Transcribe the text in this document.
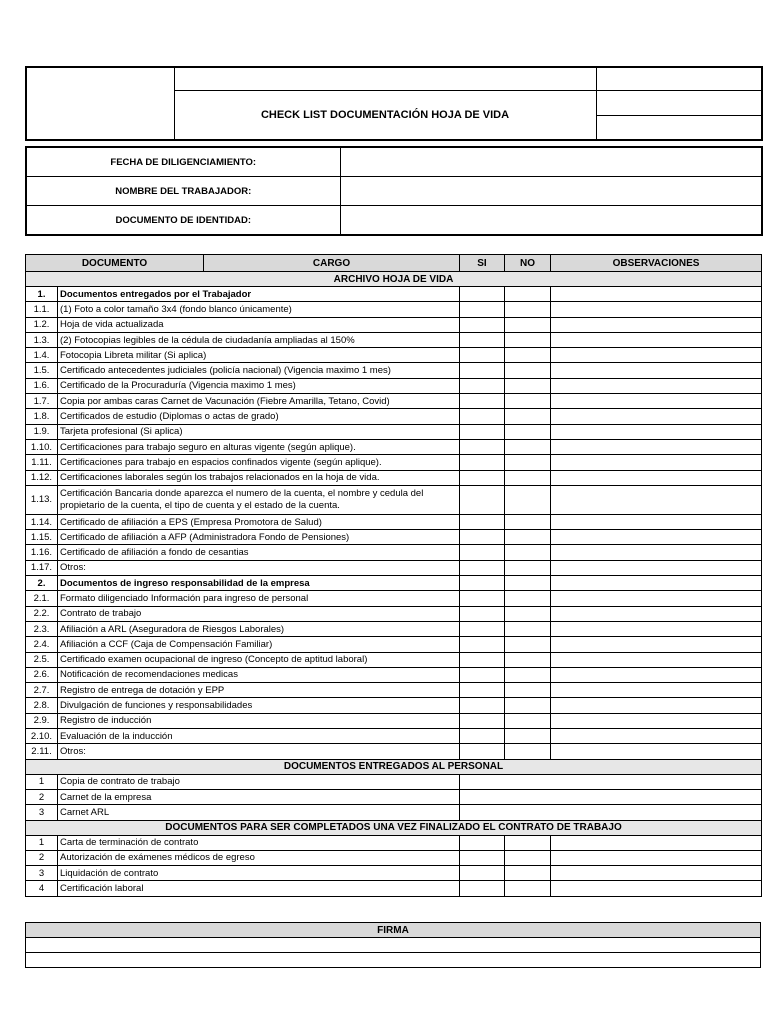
	CHECK LIST DOCUMENTACIÓN HOJA DE VIDA	
FECHA DE DILIGENCIAMIENTO:	
NOMBRE DEL TRABAJADOR:	
DOCUMENTO DE IDENTIDAD:	
DOCUMENTO		CARGO	SI	NO	OBSERVACIONES
ARCHIVO HOJA DE VIDA					
1.	Documentos entregados por el Trabajador				
1.1.	(1) Foto a color tamaño 3x4 (fondo blanco únicamente)				
1.2.	Hoja de vida actualizada				
1.3.	(2) Fotocopias legibles de la cédula de ciudadanía ampliadas al 150%				
1.4.	Fotocopia Libreta militar (Si aplica)				
1.5.	Certificado antecedentes judiciales (policía nacional) (Vigencia maximo 1 mes)				
1.6.	Certificado de la Procuraduría (Vigencia maximo 1 mes)				
1.7.	Copia por ambas caras Carnet de Vacunación (Fiebre Amarilla, Tetano, Covid)				
1.8.	Certificados de estudio (Diplomas o actas de grado)				
1.9.	Tarjeta profesional (Si aplica)				
1.10.	Certificaciones para trabajo seguro en alturas vigente (según aplique).				
1.11.	Certificaciones para trabajo en espacios confinados vigente (según aplique).				
1.12.	Certificaciones laborales según los trabajos relacionados en la hoja de vida.				
1.13.	Certificación Bancaria donde aparezca el numero de la cuenta, el nombre y cedula del propietario de la cuenta, el tipo de cuenta y el estado de la cuenta.				
1.14.	Certificado de afiliación a EPS (Empresa Promotora de Salud)				
1.15.	Certificado de afiliación a AFP (Administradora Fondo de Pensiones)				
1.16.	Certificado de afiliación a fondo de cesantias				
1.17.	Otros:				
2.	Documentos de ingreso responsabilidad de la empresa				
2.1.	Formato diligenciado Información para ingreso de personal				
2.2.	Contrato de trabajo				
2.3.	Afiliación a ARL (Aseguradora de Riesgos Laborales)				
2.4.	Afiliación a CCF (Caja de Compensación Familiar)				
2.5.	Certificado examen ocupacional de ingreso (Concepto de aptitud laboral)				
2.6.	Notificación de recomendaciones medicas				
2.7.	Registro de entrega de dotación y EPP				
2.8.	Divulgación de funciones y responsabilidades				
2.9.	Registro de inducción				
2.10.	Evaluación de la inducción				
2.11.	Otros:				
DOCUMENTOS ENTREGADOS AL PERSONAL					
1	Copia de contrato de trabajo				
2	Carnet de la empresa				
3	Carnet ARL				
DOCUMENTOS PARA SER COMPLETADOS UNA VEZ FINALIZADO EL CONTRATO DE TRABAJO					
1	Carta de terminación de contrato				
2	Autorización de exámenes médicos de egreso				
3	Liquidación de contrato				
4	Certificación laboral				
FIRMA
